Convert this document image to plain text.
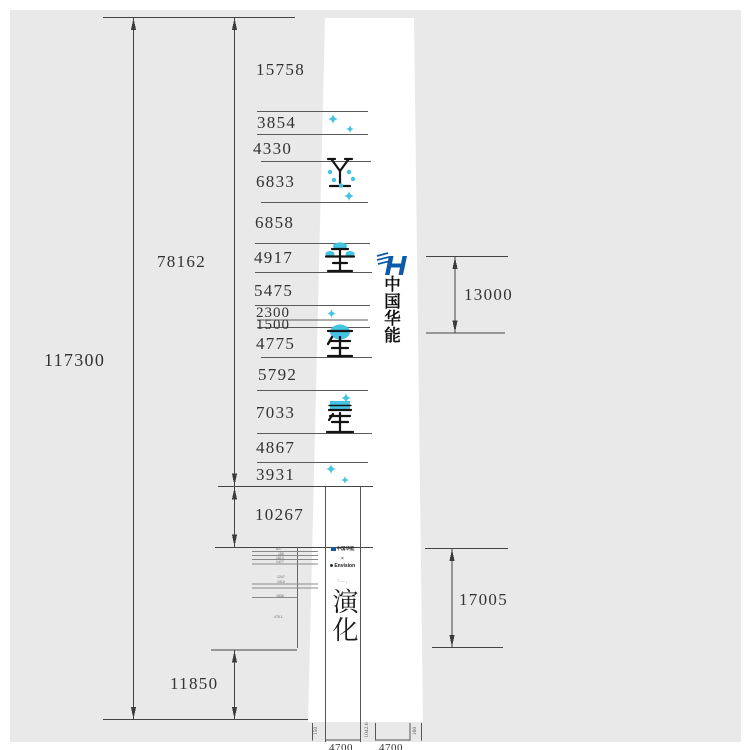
117300
78162
10267
11850
15758
3854
4330
6833
6858
4917
5475
2300
1500
4775
5792
7033
4867
3931
13000
17005
4700 4700
150	1042.6	160
627
159
1810
1477
1247
1910
1836
475.1
中国华能
中国华能
×
Envision
「····」
演化
